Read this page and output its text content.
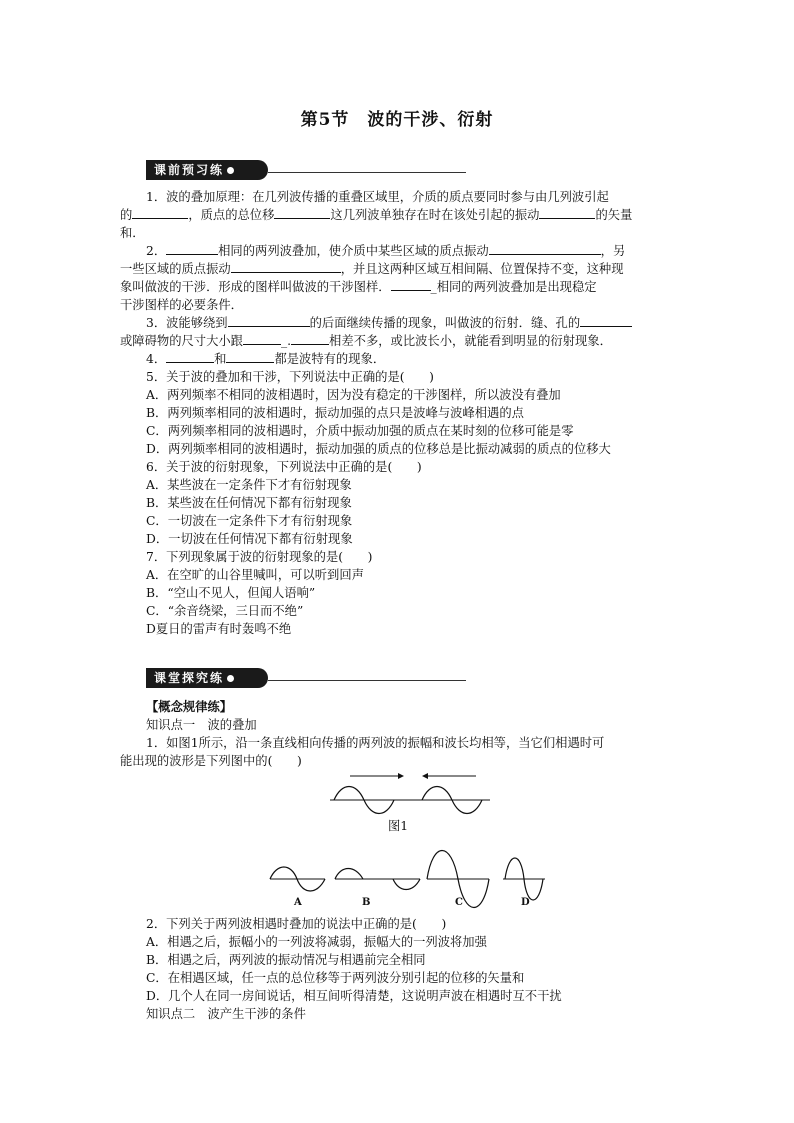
第5节　波的干涉、衍射
课前预习练

1．波的叠加原理：在几列波传播的重叠区域里，介质的质点要同时参与由几列波引起

的	，质点的总位移	这几列波单独存在时在该处引起的振动	的矢量

和．

2．	相同的两列波叠加，使介质中某些区域的质点振动	，另

一些区域的质点振动	，并且这两种区域互相间隔、位置保持不变，这种现

象叫做波的干涉．形成的图样叫做波的干涉图样．	_相同的两列波叠加是出现稳定

干涉图样的必要条件．

3．波能够绕到	的后面继续传播的现象，叫做波的衍射．缝、孔的

或障碍物的尺寸大小跟	_.	相差不多，或比波长小，就能看到明显的衍射现象．

4．	和	都是波特有的现象．

5．关于波的叠加和干涉，下列说法中正确的是(　　)

A．两列频率不相同的波相遇时，因为没有稳定的干涉图样，所以波没有叠加

B．两列频率相同的波相遇时，振动加强的点只是波峰与波峰相遇的点

C．两列频率相同的波相遇时，介质中振动加强的质点在某时刻的位移可能是零

D．两列频率相同的波相遇时，振动加强的质点的位移总是比振动减弱的质点的位移大

6．关于波的衍射现象，下列说法中正确的是(　　)

A．某些波在一定条件下才有衍射现象

B．某些波在任何情况下都有衍射现象

C．一切波在一定条件下才有衍射现象

D．一切波在任何情况下都有衍射现象

7．下列现象属于波的衍射现象的是(　　)

A．在空旷的山谷里喊叫，可以听到回声

B．“空山不见人，但闻人语响”

C．“余音绕梁，三日而不绝”

D夏日的雷声有时轰鸣不绝

课堂探究练

【概念规律练】

知识点一　波的叠加

1．如图1所示，沿一条直线相向传播的两列波的振幅和波长均相等，当它们相遇时可

能出现的波形是下列图中的(　　)

图1
A	B	C	D

2．下列关于两列波相遇时叠加的说法中正确的是(　　)

A．相遇之后，振幅小的一列波将减弱，振幅大的一列波将加强

B．相遇之后，两列波的振动情况与相遇前完全相同

C．在相遇区域，任一点的总位移等于两列波分别引起的位移的矢量和

D．几个人在同一房间说话，相互间听得清楚，这说明声波在相遇时互不干扰

知识点二　波产生干涉的条件
